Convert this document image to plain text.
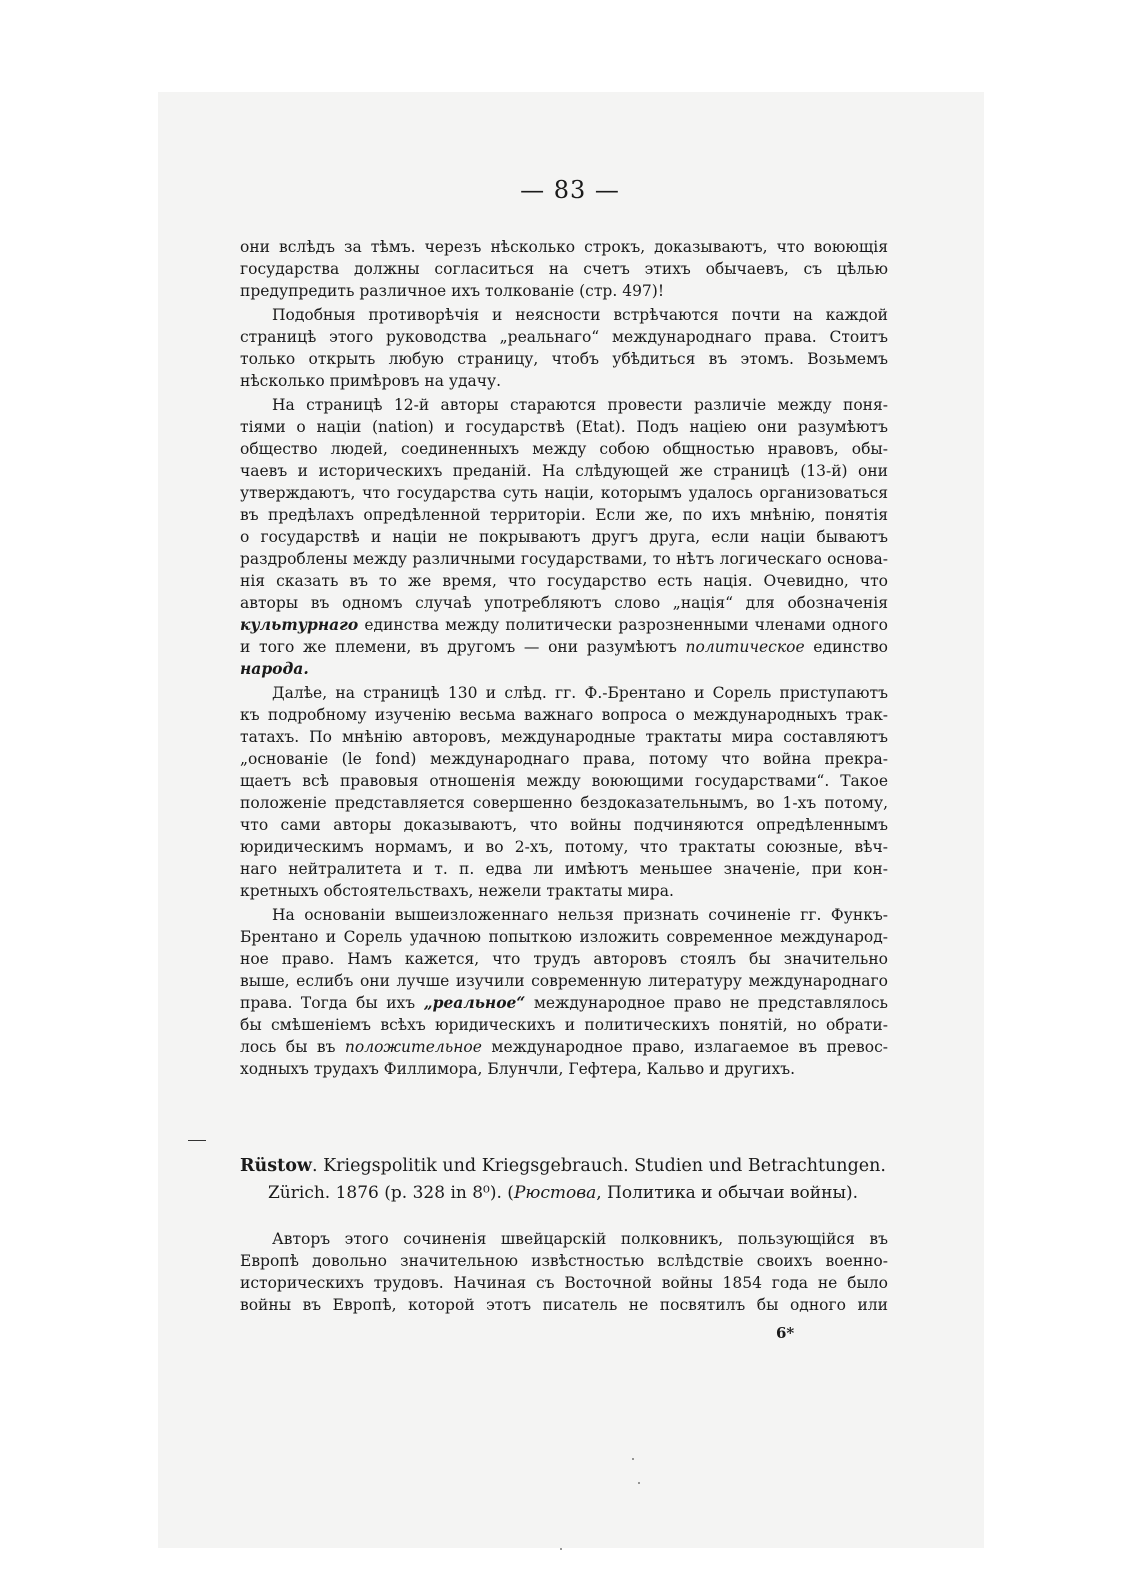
— 83 —
они вслѣдъ за тѣмъ. черезъ нѣсколько строкъ, доказываютъ, что воюющія
государства должны согласиться на счетъ этихъ обычаевъ, съ цѣлью
предупредить различное ихъ толкованіе (стр. 497)!
Подобныя противорѣчія и неясности встрѣчаются почти на каждой
страницѣ этого руководства „реальнаго“ международнаго права. Стоитъ
только открыть любую страницу, чтобъ убѣдиться въ этомъ. Возьмемъ
нѣсколько примѣровъ на удачу.
На страницѣ 12-й авторы стараются провести различіе между поня-
тіями о націи (nation) и государствѣ (Etat). Подъ націею они разумѣютъ
общество людей, соединенныхъ между собою общностью нравовъ, обы-
чаевъ и историческихъ преданій. На слѣдующей же страницѣ (13-й) они
утверждаютъ, что государства суть націи, которымъ удалось организоваться
въ предѣлахъ опредѣленной территоріи. Если же, по ихъ мнѣнію, понятія
о государствѣ и націи не покрываютъ другъ друга, если націи бываютъ
раздроблены между различными государствами, то нѣтъ логическаго основа-
нія сказать въ то же время, что государство есть нація. Очевидно, что
авторы въ одномъ случаѣ употребляютъ слово „нація“ для обозначенія
культурнаго единства между политически разрозненными членами одного
и того же племени, въ другомъ — они разумѣютъ политическое единство
народа.
Далѣе, на страницѣ 130 и слѣд. гг. Ф.-Брентано и Сорель приступаютъ
къ подробному изученію весьма важнаго вопроса о международныхъ трак-
татахъ. По мнѣнію авторовъ, международные трактаты мира составляютъ
„основаніе (le fond) международнаго права, потому что война прекра-
щаетъ всѣ правовыя отношенія между воюющими государствами“. Такое
положеніе представляется совершенно бездоказательнымъ, во 1-хъ потому,
что сами авторы доказываютъ, что войны подчиняются опредѣленнымъ
юридическимъ нормамъ, и во 2-хъ, потому, что трактаты союзные, вѣч-
наго нейтралитета и т. п. едва ли имѣютъ меньшее значеніе, при кон-
кретныхъ обстоятельствахъ, нежели трактаты мира.
На основаніи вышеизложеннаго нельзя признать сочиненіе гг. Функъ-
Брентано и Сорель удачною попыткою изложить современное международ-
ное право. Намъ кажется, что трудъ авторовъ стоялъ бы значительно
выше, еслибъ они лучше изучили современную литературу международнаго
права. Тогда бы ихъ „реальное“ международное право не представлялось
бы смѣшеніемъ всѣхъ юридическихъ и политическихъ понятій, но обрати-
лось бы въ положительное международное право, излагаемое въ превос-
ходныхъ трудахъ Филлимора, Блунчли, Гефтера, Кальво и другихъ.
Rüstow. Kriegspolitik und Kriegsgebrauch. Studien und Betrachtungen.
Zürich. 1876 (p. 328 in 8⁰). (Рюстова, Политика и обычаи войны).
Авторъ этого сочиненія швейцарскій полковникъ, пользующійся въ
Европѣ довольно значительною извѣстностью вслѣдствіе своихъ военно-
историческихъ трудовъ. Начиная съ Восточной войны 1854 года не было
войны въ Европѣ, которой этотъ писатель не посвятилъ бы одного или
6*
